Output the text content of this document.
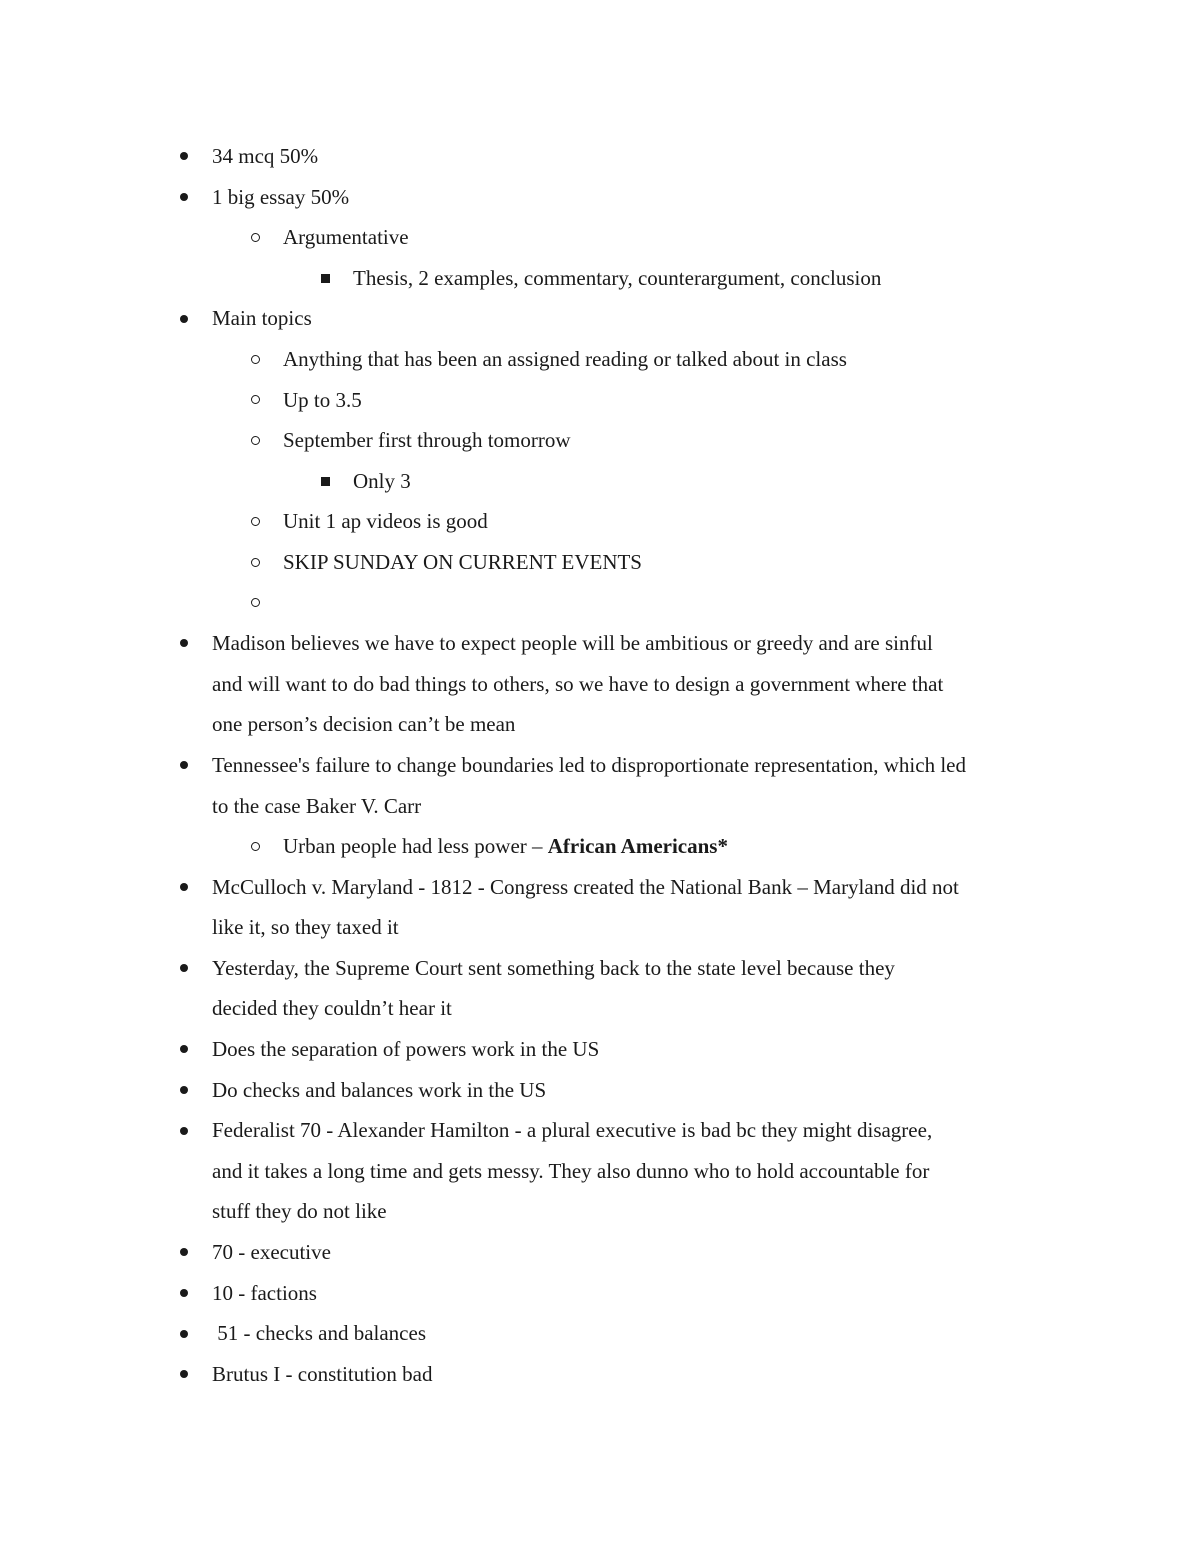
34 mcq 50%
1 big essay 50%
Argumentative
Thesis, 2 examples, commentary, counterargument, conclusion
Main topics
Anything that has been an assigned reading or talked about in class
Up to 3.5
September first through tomorrow
Only 3
Unit 1 ap videos is good
SKIP SUNDAY ON CURRENT EVENTS
Madison believes we have to expect people will be ambitious or greedy and are sinful
and will want to do bad things to others, so we have to design a government where that
one person’s decision can’t be mean
Tennessee's failure to change boundaries led to disproportionate representation, which led
to the case Baker V. Carr
Urban people had less power – African Americans*
McCulloch v. Maryland - 1812 - Congress created the National Bank – Maryland did not
like it, so they taxed it
Yesterday, the Supreme Court sent something back to the state level because they
decided they couldn’t hear it
Does the separation of powers work in the US
Do checks and balances work in the US
Federalist 70 - Alexander Hamilton - a plural executive is bad bc they might disagree,
and it takes a long time and gets messy. They also dunno who to hold accountable for
stuff they do not like
70 - executive
10 - factions
51 - checks and balances
Brutus I - constitution bad
